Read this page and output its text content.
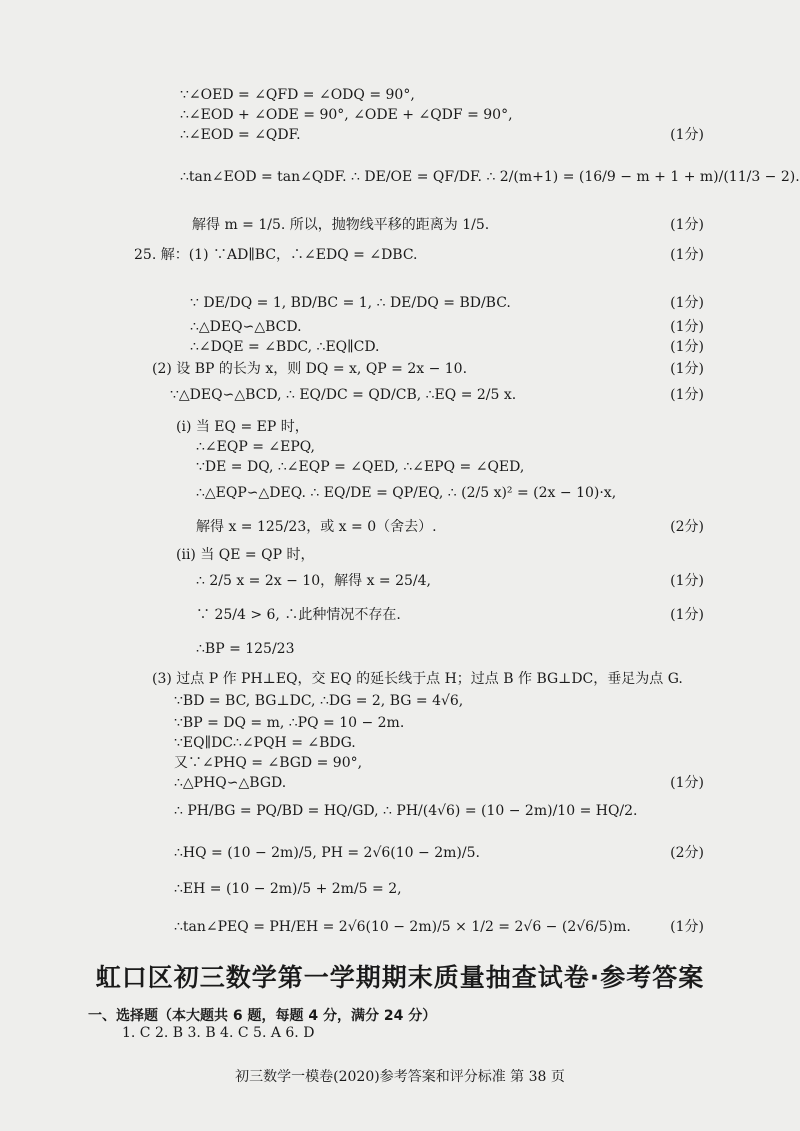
∵∠OED = ∠QFD = ∠ODQ = 90°,
∴∠EOD + ∠ODE = 90°, ∠ODE + ∠QDF = 90°,
∴∠EOD = ∠QDF.	(1分)
∴tan∠EOD = tan∠QDF. ∴ DE/OE = QF/DF. ∴ 2/(m+1) = (16/9 − m + 1 + m)/(11/3 − 2).
解得 m = 1/5. 所以，抛物线平移的距离为 1/5.	(1分)
25. 解：(1) ∵AD∥BC，∴∠EDQ = ∠DBC.	(1分)
∵ DE/DQ = 1, BD/BC = 1, ∴ DE/DQ = BD/BC.	(1分)
∴△DEQ∽△BCD.	(1分)
∴∠DQE = ∠BDC, ∴EQ∥CD.	(1分)
(2) 设 BP 的长为 x，则 DQ = x, QP = 2x − 10.	(1分)
∵△DEQ∽△BCD, ∴ EQ/DC = QD/CB, ∴EQ = 2/5 x.	(1分)
(i) 当 EQ = EP 时，
∴∠EQP = ∠EPQ,
∵DE = DQ, ∴∠EQP = ∠QED, ∴∠EPQ = ∠QED,
∴△EQP∽△DEQ. ∴ EQ/DE = QP/EQ, ∴ (2/5 x)² = (2x − 10)·x,
解得 x = 125/23，或 x = 0（舍去）.	(2分)
(ii) 当 QE = QP 时，
∴ 2/5 x = 2x − 10，解得 x = 25/4,	(1分)
∵ 25/4 > 6, ∴此种情况不存在.	(1分)
∴BP = 125/23
(3) 过点 P 作 PH⊥EQ，交 EQ 的延长线于点 H；过点 B 作 BG⊥DC，垂足为点 G.
∵BD = BC, BG⊥DC, ∴DG = 2, BG = 4√6,
∵BP = DQ = m, ∴PQ = 10 − 2m.
∵EQ∥DC∴∠PQH = ∠BDG.
又∵∠PHQ = ∠BGD = 90°,
∴△PHQ∽△BGD.	(1分)
∴ PH/BG = PQ/BD = HQ/GD, ∴ PH/(4√6) = (10 − 2m)/10 = HQ/2.
∴HQ = (10 − 2m)/5, PH = 2√6(10 − 2m)/5.	(2分)
∴EH = (10 − 2m)/5 + 2m/5 = 2,
∴tan∠PEQ = PH/EH = 2√6(10 − 2m)/5 × 1/2 = 2√6 − (2√6/5)m.	(1分)
虹口区初三数学第一学期期末质量抽查试卷·参考答案
一、选择题（本大题共 6 题，每题 4 分，满分 24 分）
1. C 2. B 3. B 4. C 5. A 6. D
初三数学一模卷(2020)参考答案和评分标准 第 38 页
